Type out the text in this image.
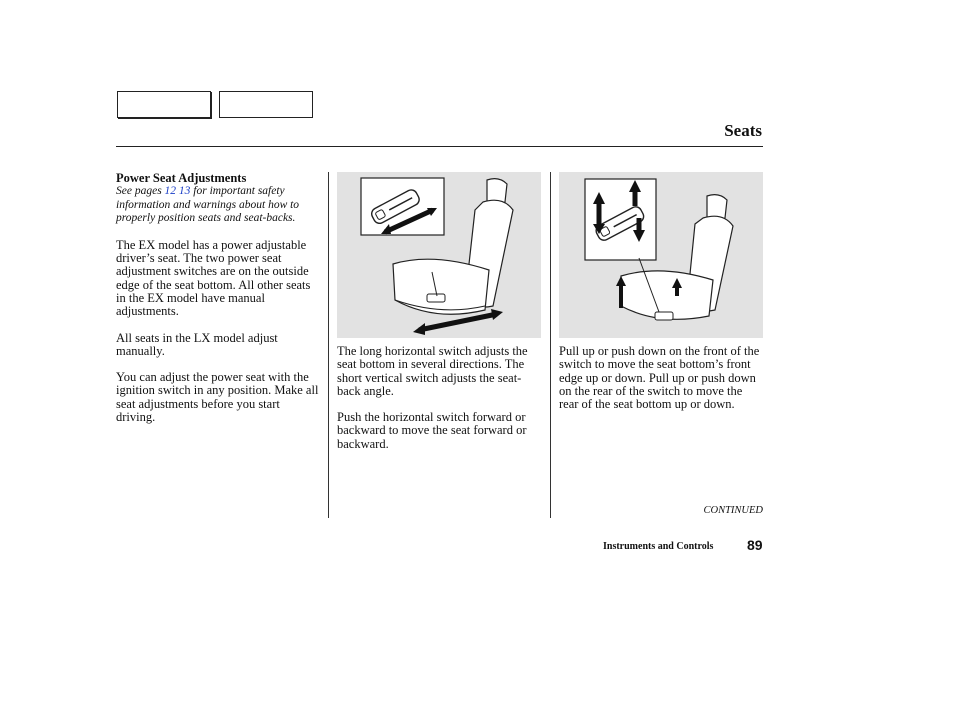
Seats
Power Seat Adjustments
See pages 12 13 for important safety information and warnings about how to properly position seats and seat-backs.

The EX model has a power adjustable driver’s seat. The two power seat adjustment switches are on the outside edge of the seat bottom. All other seats in the EX model have manual adjustments.

All seats in the LX model adjust manually.

You can adjust the power seat with the ignition switch in any position. Make all seat adjustments before you start driving.

The long horizontal switch adjusts the seat bottom in several directions. The short vertical switch adjusts the seat-back angle.

Push the horizontal switch forward or backward to move the seat forward or backward.

Pull up or push down on the front of the switch to move the seat bottom’s front edge up or down. Pull up or push down on the rear of the switch to move the rear of the seat bottom up or down.

CONTINUED
Instruments and Controls 89
